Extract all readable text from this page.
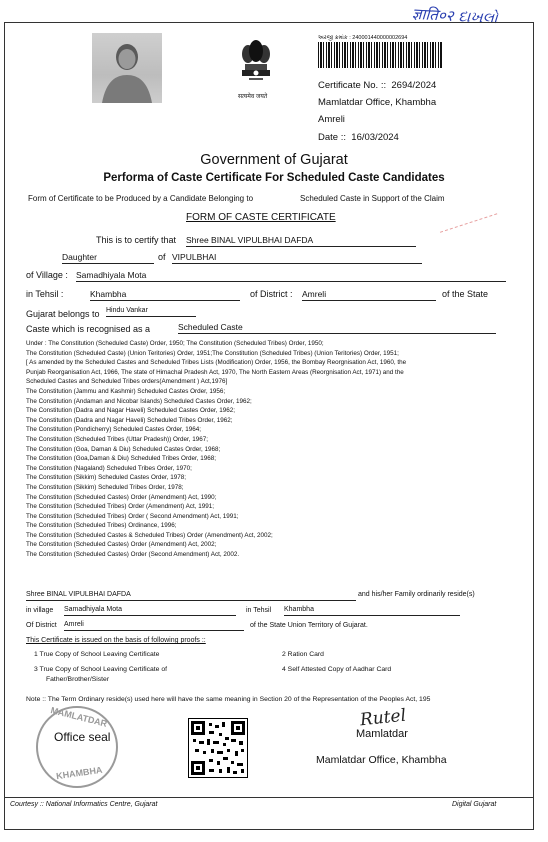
ज्ञाति०२ દાખલો
सत्यमेव जयते
અરજી ક્રમાંક : 240001440000002694
Certificate No. :: 2694/2024
Mamlatdar Office, Khambha
Amreli
Date :: 16/03/2024
Government of Gujarat
Performa of Caste Certificate For Scheduled Caste Candidates
Form of Certificate to be Produced by a Candidate Belonging to	Scheduled Caste in Support of the Claim
FORM OF CASTE CERTIFICATE
This is to certify that Shree BINAL VIPULBHAI DAFDA
Daughter	of VIPULBHAI
of Village : Samadhiyala Mota
in Tehsil :	Khambha	of District : Amreli	of the State
Gujarat belongs to Hindu Vankar
Caste which is recognised as a	Scheduled Caste
Under : The Constitution (Scheduled Caste) Order, 1950; The Constitution (Scheduled Tribes) Order, 1950;
The Constitution (Scheduled Caste) (Union Teritories) Order, 1951;The Constitution (Scheduled Tribes) (Union Teritories) Order, 1951;
[ As amended by the Scheduled Castes and Scheduled Tribes Lists (Modification) Order, 1956, the Bombay Reorgnisation Act, 1960, the
Punjab Reorganisation Act, 1966, The state of Himachal Pradesh Act, 1970, The North Eastern Areas (Reorgnisation Act, 1971) and the
Scheduled Castes and Scheduled Tribes orders(Amendment ) Act,1976]
The Constitution (Jammu and Kashmir) Scheduled Castes Order, 1956;
The Constitution (Andaman and Nicobar Islands) Scheduled Castes Order, 1962;
The Constitution (Dadra and Nagar Haveli) Scheduled Castes Order, 1962;
The Constitution (Dadra and Nagar Haveli) Scheduled Tribes Order, 1962;
The Constitution (Pondicherry) Scheduled Castes Order, 1964;
The Constitution (Scheduled Tribes (Uttar Pradesh)) Order, 1967;
The Constitution (Goa, Daman & Diu) Scheduled Castes Order, 1968;
The Constitution (Goa,Daman & Diu) Scheduled Tribes Order, 1968;
The Constitution (Nagaland) Scheduled Tribes Order, 1970;
The Constitution (Sikkim) Scheduled Castes Order, 1978;
The Constitution (Sikkim) Scheduled Tribes Order, 1978;
The Constitution (Scheduled Castes) Order (Amendment) Act, 1990;
The Constitution (Scheduled Tribes) Order (Amendment) Act, 1991;
The Constitution (Scheduled Tribes) Order ( Second Amendment) Act, 1991;
The Constitution (Scheduled Tribes) Ordinance, 1996;
The Constitution (Scheduled Castes & Scheduled Tribes) Order (Amendment) Act, 2002;
The Constitution (Scheduled Castes) Order (Amendment) Act, 2002;
The Constitution (Scheduled Castes) Order (Second Amendment) Act, 2002.
Shree BINAL VIPULBHAI DAFDA	and his/her Family ordinarily reside(s)
in village Samadhiyala Mota	in Tehsil Khambha
Of District Amreli	of the State Union Territory of Gujarat.
This Certificate is issued on the basis of following proofs ::
1 True Copy of School Leaving Certificate	2 Ration Card
3 True Copy of School Leaving Certificate of
Father/Brother/Sister
4 Self Attested Copy of Aadhar Card
Note :: The Term Ordinary reside(s) used here will have the same meaning in Section 20 of the Representation of the Peoples Act, 195
MAMLATDAR
KHAMBHA
Office seal
Rutel
Mamlatdar
Mamlatdar Office, Khambha
Courtesy :: National Informatics Centre, Gujarat	Digital Gujarat
